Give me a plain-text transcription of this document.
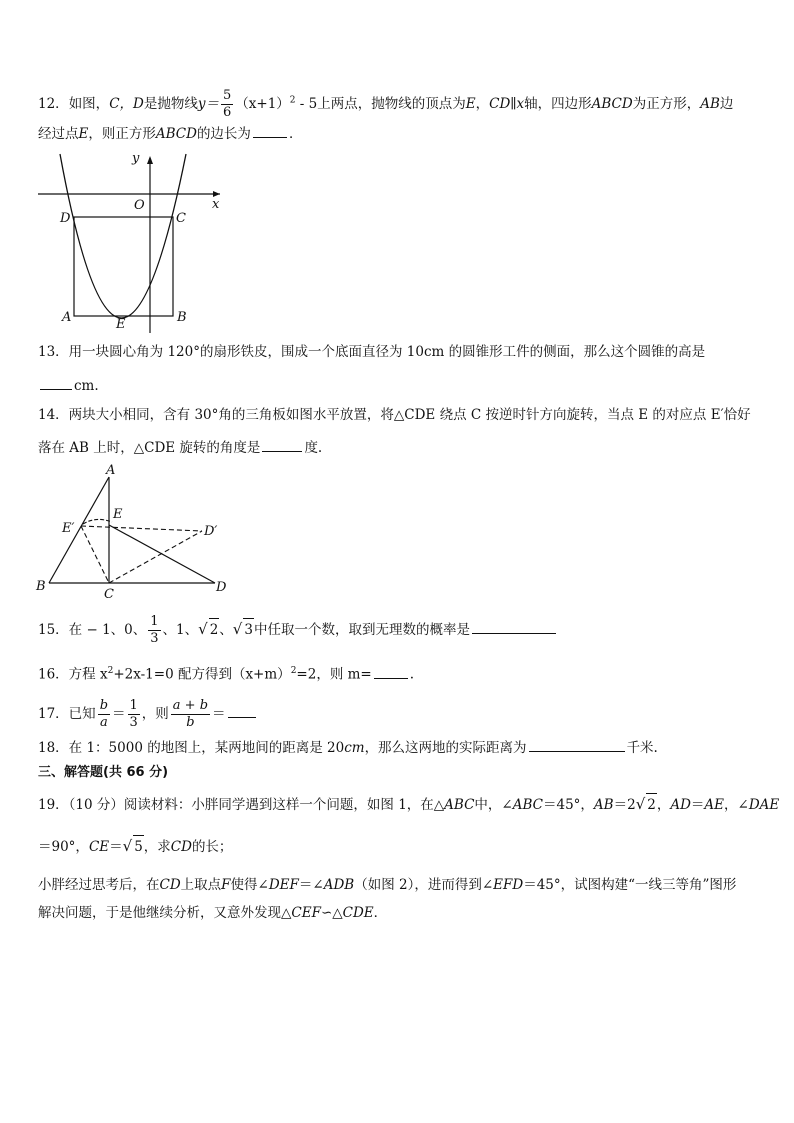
12．如图，C，D是抛物线$y= \frac{5}{6} (x+1)^2 - 5$上两点，抛物线的顶点为E，CD∥x轴，四边形ABCD为正方形，AB边
经过点E，则正方形ABCD的边长为	．
y
x
O
D	C
A	B
E
13．用一块圆心角为 120°的扇形铁皮，围成一个底面直径为 10cm 的圆锥形工件的侧面，那么这个圆锥的高是
cm.
14．两块大小相同，含有 30°角的三角板如图水平放置，将△CDE 绕点 C 按逆时针方向旋转，当点 E 的对应点 E′恰好
落在 AB 上时，△CDE 旋转的角度是	度.
A
E
E′	D′
B
C	D
15．在 − 1、0、 $\frac{1}{3}$ 、1、√ 2、√ 3中任取一个数，取到无理数的概率是
16．方程 $x^2+2x-1=0$ 配方得到$(x+m)^2=2$，则 m=	.
17．已知 $\frac{b}{a} = \frac{1}{3}$ ，则 $\frac{a + b}{b}$ ＝
18．在 1：5000 的地图上，某两地间的距离是 20cm，那么这两地的实际距离为	千米.
三、解答题(共 66 分)
19．（10 分）阅读材料：小胖同学遇到这样一个问题，如图 1，在△ABC中，∠ABC＝45°，AB＝2√ 2，AD＝AE，∠DAE
＝90°，CE＝√ 5，求CD的长；
小胖经过思考后，在CD上取点F使得∠DEF＝∠ADB（如图 2），进而得到∠EFD＝45°，试图构建“一线三等角”图形
解决问题，于是他继续分析，又意外发现△CEF∽△CDE．
